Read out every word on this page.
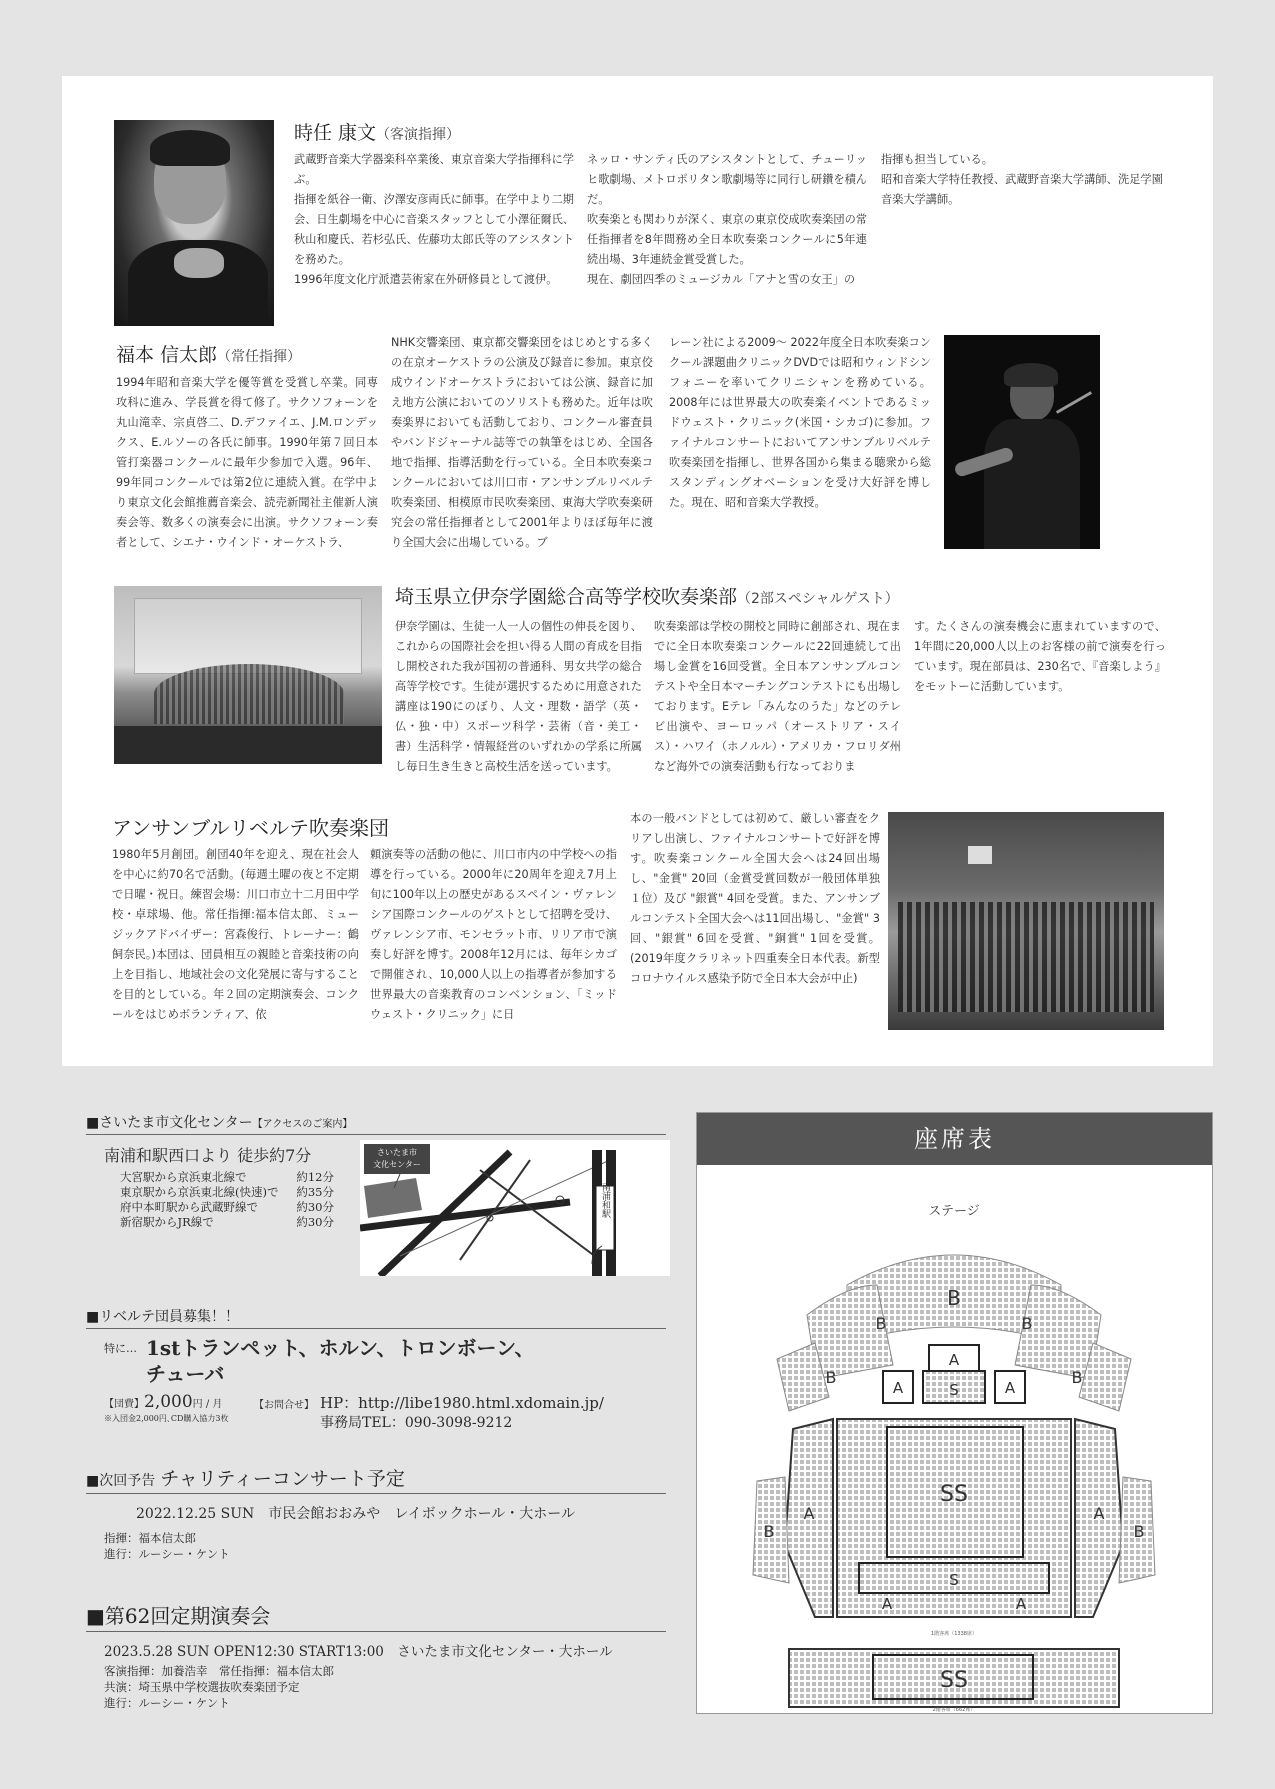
時任 康文（客演指揮）

武蔵野音楽大学器楽科卒業後、東京音楽大学指揮科に学ぶ。

指揮を紙谷一衛、汐澤安彦両氏に師事。在学中より二期会、日生劇場を中心に音楽スタッフとして小澤征爾氏、秋山和慶氏、若杉弘氏、佐藤功太郎氏等のアシスタントを務めた。

1996年度文化庁派遣芸術家在外研修員として渡伊。

ネッロ・サンティ氏のアシスタントとして、チューリッヒ歌劇場、メトロポリタン歌劇場等に同行し研鑽を積んだ。

吹奏楽とも関わりが深く、東京の東京佼成吹奏楽団の常任指揮者を8年間務め全日本吹奏楽コンクールに5年連続出場、3年連続金賞受賞した。

現在、劇団四季のミュージカル「アナと雪の女王」の

指揮も担当している。

昭和音楽大学特任教授、武蔵野音楽大学講師、洗足学園音楽大学講師。

福本 信太郎（常任指揮）
1994年昭和音楽大学を優等賞を受賞し卒業。同専攻科に進み、学長賞を得て修了。サクソフォーンを丸山滝幸、宗貞啓二、D.デファイエ、J.M.ロンデックス、E.ルソーの各氏に師事。1990年第７回日本管打楽器コンクールに最年少参加で入選。96年、99年同コンクールでは第2位に連続入賞。在学中より東京文化会館推薦音楽会、読売新聞社主催新人演奏会等、数多くの演奏会に出演。サクソフォーン奏者として、シエナ・ウインド・オーケストラ、
NHK交響楽団、東京都交響楽団をはじめとする多くの在京オーケストラの公演及び録音に参加。東京佼成ウインドオーケストラにおいては公演、録音に加え地方公演においてのソリストも務めた。近年は吹奏楽界においても活動しており、コンクール審査員やバンドジャーナル誌等での執筆をはじめ、全国各地で指揮、指導活動を行っている。全日本吹奏楽コンクールにおいては川口市・アンサンブルリベルテ吹奏楽団、相模原市民吹奏楽団、東海大学吹奏楽研究会の常任指揮者として2001年よりほぼ毎年に渡り全国大会に出場している。ブ
レーン社による2009～ 2022年度全日本吹奏楽コンクール課題曲クリニックDVDでは昭和ウィンドシンフォニーを率いてクリニシャンを務めている。2008年には世界最大の吹奏楽イベントであるミッドウェスト・クリニック(米国・シカゴ)に参加。ファイナルコンサートにおいてアンサンブルリベルテ吹奏楽団を指揮し、世界各国から集まる聴衆から総スタンディングオベーションを受け大好評を博した。現在、昭和音楽大学教授。
埼玉県立伊奈学園総合高等学校吹奏楽部（2部スペシャルゲスト）
伊奈学園は、生徒一人一人の個性の伸長を図り、これからの国際社会を担い得る人間の育成を目指し開校された我が国初の普通科、男女共学の総合高等学校です。生徒が選択するために用意された講座は190にのぼり、人文・理数・語学（英・仏・独・中）スポーツ科学・芸術（音・美工・書）生活科学・情報経営のいずれかの学系に所属し毎日生き生きと高校生活を送っています。
吹奏楽部は学校の開校と同時に創部され、現在までに全日本吹奏楽コンクールに22回連続して出場し金賞を16回受賞。全日本アンサンブルコンテストや全日本マーチングコンテストにも出場しております。Eテレ「みんなのうた」などのテレビ出演や、ヨーロッパ（オーストリア・スイス）・ハワイ（ホノルル）・アメリカ・フロリダ州など海外での演奏活動も行なっておりま
す。たくさんの演奏機会に恵まれていますので、1年間に20,000人以上のお客様の前で演奏を行っています。現在部員は、230名で、『音楽しよう』をモットーに活動しています。
アンサンブルリベルテ吹奏楽団
1980年5月創団。創団40年を迎え、現在社会人を中心に約70名で活動。(毎週土曜の夜と不定期で日曜・祝日。練習会場：川口市立十二月田中学校・卓球場、他。常任指揮:福本信太郎、ミュージックアドバイザー：宮森俊行、トレーナー：鶴飼奈民。)本団は、団員相互の親睦と音楽技術の向上を目指し、地域社会の文化発展に寄与することを目的としている。年２回の定期演奏会、コンクールをはじめボランティア、依
頼演奏等の活動の他に、川口市内の中学校への指導を行っている。2000年に20周年を迎え7月上旬に100年以上の歴史があるスペイン・ヴァレンシア国際コンクールのゲストとして招聘を受け、ヴァレンシア市、モンセラット市、リリア市で演奏し好評を博す。2008年12月には、毎年シカゴで開催され、10,000人以上の指導者が参加する世界最大の音楽教育のコンベンション、「ミッドウェスト・クリニック」に日
本の一般バンドとしては初めて、厳しい審査をクリアし出演し、ファイナルコンサートで好評を博す。吹奏楽コンクール全国大会へは24回出場し、"金賞" 20回（金賞受賞回数が一般団体単独１位）及び "銀賞" 4回を受賞。また、アンサンブルコンテスト全国大会へは11回出場し、"金賞" 3回、"銀賞" 6回を受賞、"銅賞" 1回を受賞。(2019年度クラリネット四重奏全日本代表。新型コロナウイルス感染予防で全日本大会が中止)
■さいたま市文化センター【アクセスのご案内】
南浦和駅西口より 徒歩約7分
大宮駅から京浜東北線で	約12分
東京駅から京浜東北線(快速)で 約35分
府中本町駅から武蔵野線で	約30分
新宿駅からJR線で	約30分
さいたま市
文化センター
南浦和駅
■リベルテ団員募集！！
特に… 1stトランペット、ホルン、トロンボーン、
チューバ
【団費】2,000円 / 月
※入団金2,000円､CD購入協力3枚
【お問合せ】 HP：http://libe1980.html.xdomain.jp/
事務局TEL：090-3098-9212
■次回予告 チャリティーコンサート予定
2022.12.25 SUN　 市民会館おおみや　レイボックホール・大ホール
指揮：福本信太郎
進行：ルーシー・ケント
■第62回定期演奏会
2023.5.28 SUN OPEN12:30 START13:00　 さいたま市文化センター・大ホール
客演指揮：加養浩幸　常任指揮：福本信太郎
共演：埼玉県中学校選抜吹奏楽団予定
進行：ルーシー・ケント
座席表
ステージ
1階客席（1338席）
2階客席（662席）
B
B	B
B	B
A
A	S	A
SS
S
A	A
A	A
B	B
SS
